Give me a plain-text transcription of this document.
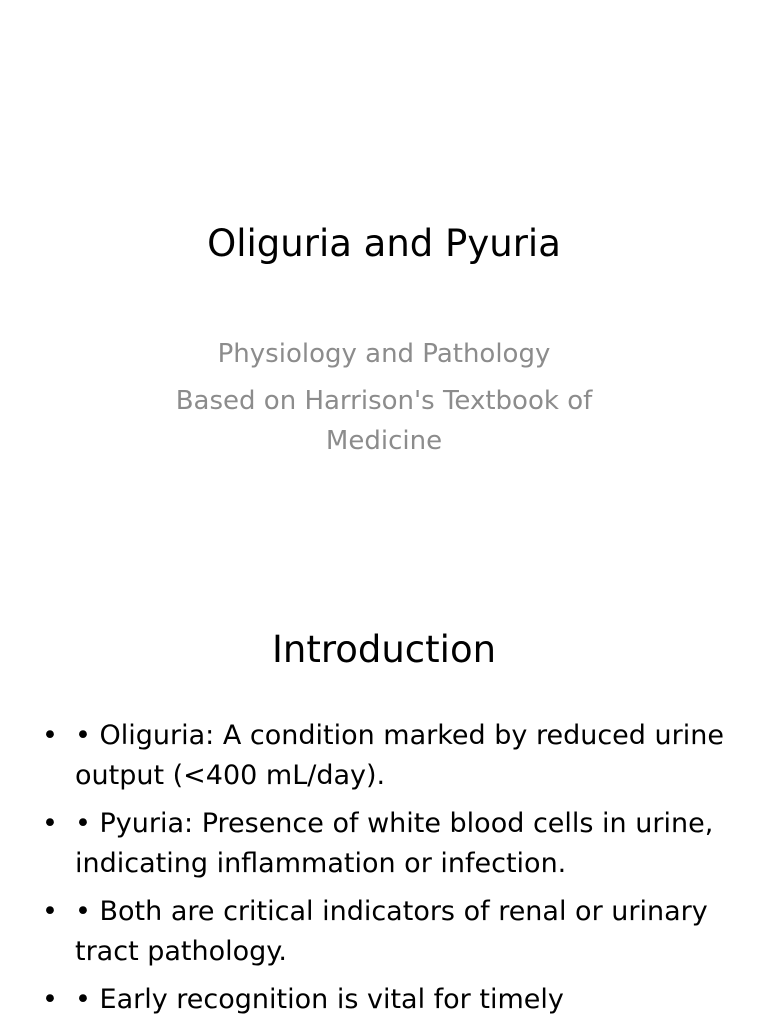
Oliguria and Pyuria
Physiology and Pathology
Based on Harrison's Textbook of Medicine
Introduction
• • Oliguria: A condition marked by reduced urine output (<400 mL/day).
• • Pyuria: Presence of white blood cells in urine, indicating inflammation or infection.
• • Both are critical indicators of renal or urinary tract pathology.
• • Early recognition is vital for timely
